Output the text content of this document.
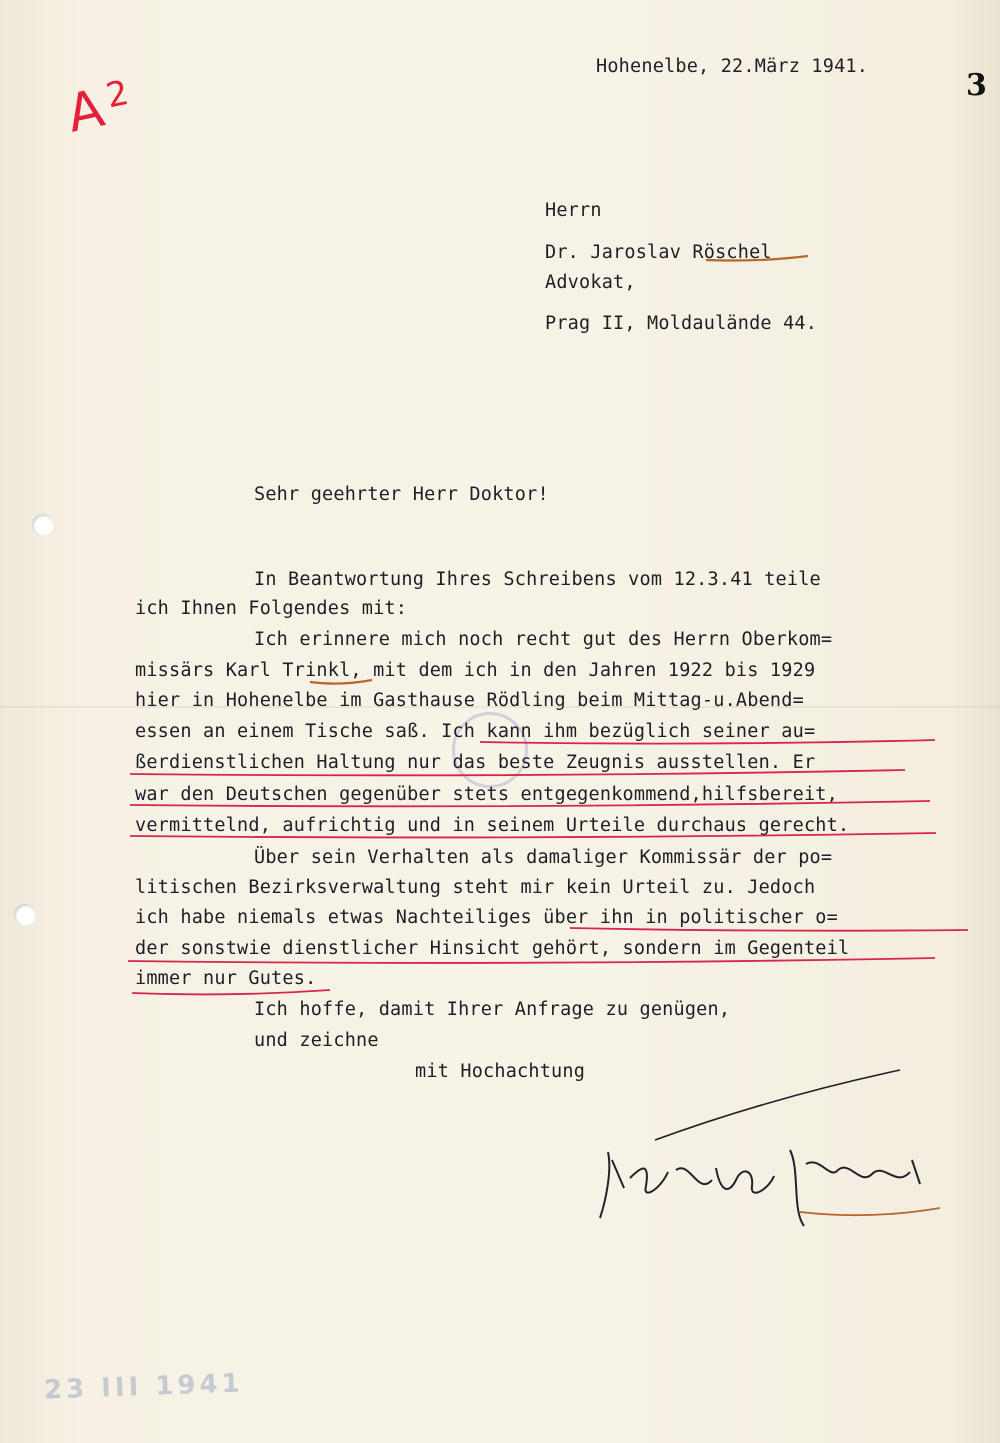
$A^2$	3
Hohenelbe, 22.März 1941.
Herrn
Dr. Jaroslav Röschel
Advokat,
Prag II, Moldauländе 44.
Sehr geehrter Herr Doktor!
In Beantwortung Ihres Schreibens vom 12.3.41 teile
ich Ihnen Folgendes mit:
Ich erinnere mich noch recht gut des Herrn Oberkom=
missärs Karl Trinkl, mit dem ich in den Jahren 1922 bis 1929
hier in Hohenelbe im Gasthause Rödling beim Mittag-u.Abend=
essen an einem Tische saß. Ich kann ihm bezüglich seiner au=
ßerdienstlichen Haltung nur das beste Zeugnis ausstellen. Er
war den Deutschen gegenüber stets entgegenkommend,hilfsbereit,
vermittelnd, aufrichtig und in seinem Urteile durchaus gerecht.
Über sein Verhalten als damaliger Kommissär der po=
litischen Bezirksverwaltung steht mir kein Urteil zu. Jedoch
ich habe niemals etwas Nachteiliges über ihn in politischer o=
der sonstwie dienstlicher Hinsicht gehört, sondern im Gegenteil
immer nur Gutes.
Ich hoffe, damit Ihrer Anfrage zu genügen,
und zeichne
mit Hochachtung
23 III 1941
